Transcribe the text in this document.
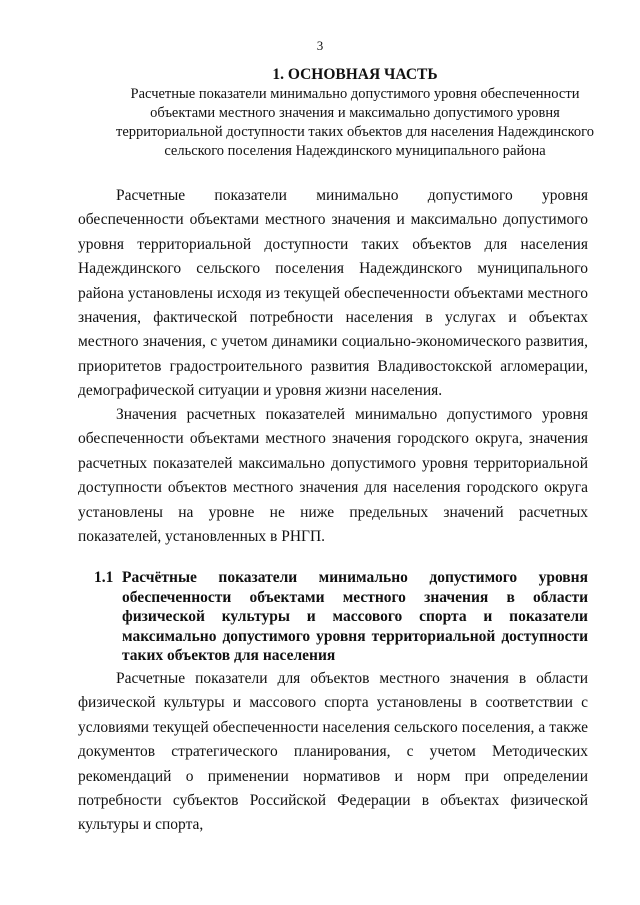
3
1. ОСНОВНАЯ ЧАСТЬ

Расчетные показатели минимально допустимого уровня обеспеченности объектами местного значения и максимально допустимого уровня территориальной доступности таких объектов для населения Надеждинского сельского поселения Надеждинского муниципального района

Расчетные показатели минимально допустимого уровня обеспеченности объектами местного значения и максимально допустимого уровня территориальной доступности таких объектов для населения Надеждинского сельского поселения Надеждинского муниципального района установлены исходя из текущей обеспеченности объектами местного значения, фактической потребности населения в услугах и объектах местного значения, с учетом динамики социально-экономического развития, приоритетов градостроительного развития Владивостокской агломерации, демографической ситуации и уровня жизни населения.

Значения расчетных показателей минимально допустимого уровня обеспеченности объектами местного значения городского округа, значения расчетных показателей максимально допустимого уровня территориальной доступности объектов местного значения для населения городского округа установлены на уровне не ниже предельных значений расчетных показателей, установленных в РНГП.

1.1 Расчётные показатели минимально допустимого уровня обеспеченности объектами местного значения в области физической культуры и массового спорта и показатели максимально допустимого уровня территориальной доступности таких объектов для населения

Расчетные показатели для объектов местного значения в области физической культуры и массового спорта установлены в соответствии с условиями текущей обеспеченности населения сельского поселения, а также документов стратегического планирования, с учетом Методических рекомендаций о применении нормативов и норм при определении потребности субъектов Российской Федерации в объектах физической культуры и спорта,
